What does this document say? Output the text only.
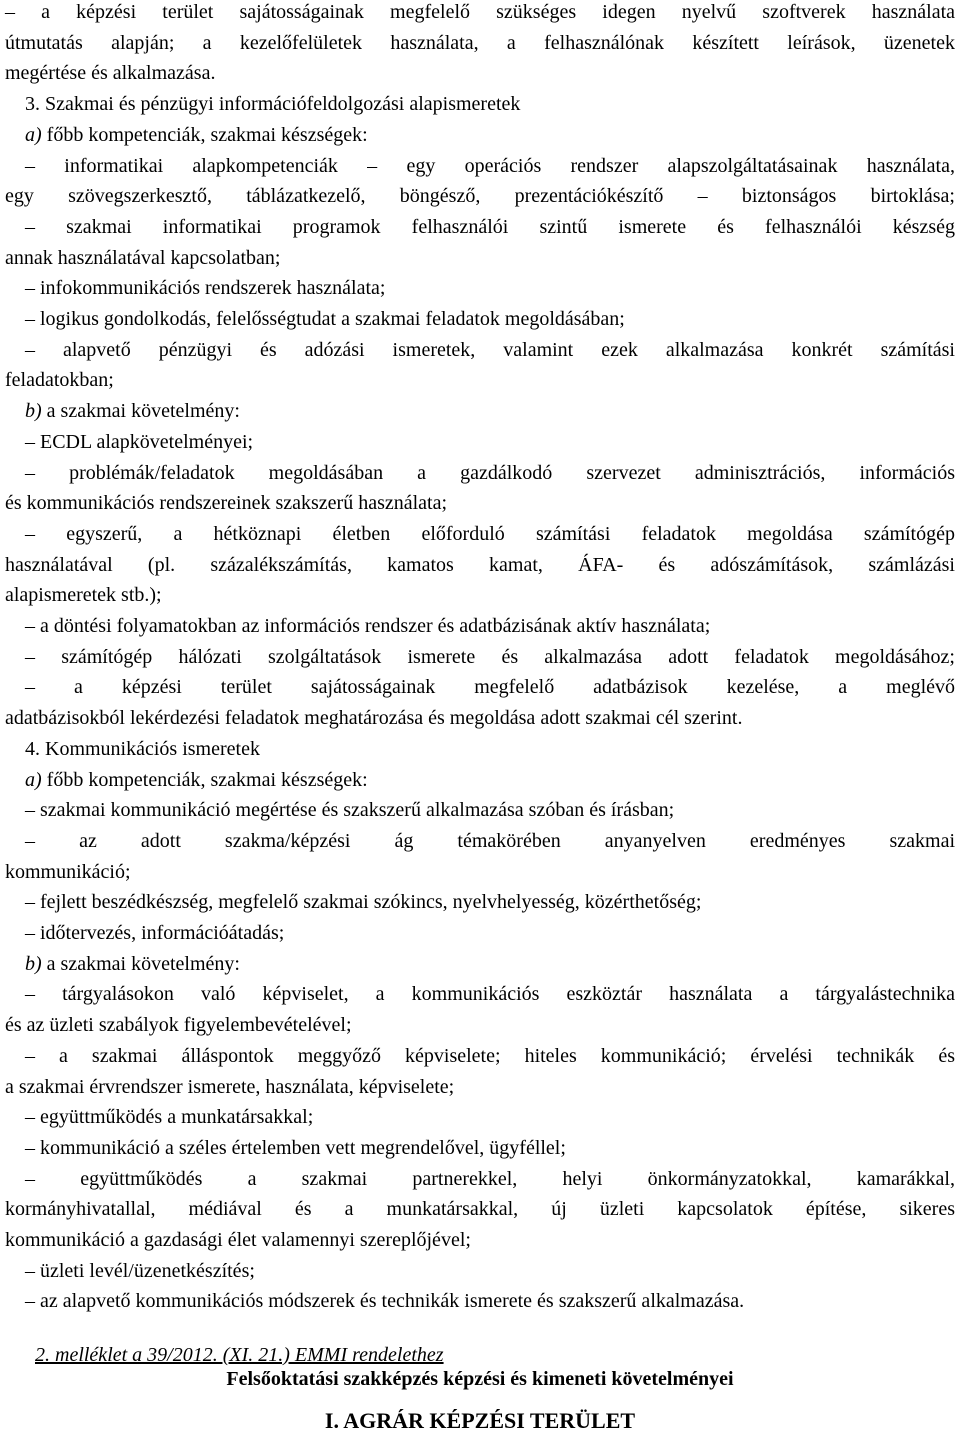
– a képzési terület sajátosságainak megfelelő szükséges idegen nyelvű szoftverek használata
útmutatás alapján; a kezelőfelületek használata, a felhasználónak készített leírások, üzenetek
megértése és alkalmazása.
3. Szakmai és pénzügyi információfeldolgozási alapismeretek
a) főbb kompetenciák, szakmai készségek:
– informatikai alapkompetenciák – egy operációs rendszer alapszolgáltatásainak használata,
egy szövegszerkesztő, táblázatkezelő, böngésző, prezentációkészítő – biztonságos birtoklása;
– szakmai informatikai programok felhasználói szintű ismerete és felhasználói készség
annak használatával kapcsolatban;
– infokommunikációs rendszerek használata;
– logikus gondolkodás, felelősségtudat a szakmai feladatok megoldásában;
– alapvető pénzügyi és adózási ismeretek, valamint ezek alkalmazása konkrét számítási
feladatokban;
b) a szakmai követelmény:
– ECDL alapkövetelményei;
– problémák/feladatok megoldásában a gazdálkodó szervezet adminisztrációs, információs
és kommunikációs rendszereinek szakszerű használata;
– egyszerű, a hétköznapi életben előforduló számítási feladatok megoldása számítógép
használatával (pl. százalékszámítás, kamatos kamat, ÁFA- és adószámítások, számlázási
alapismeretek stb.);
– a döntési folyamatokban az információs rendszer és adatbázisának aktív használata;
– számítógép hálózati szolgáltatások ismerete és alkalmazása adott feladatok megoldásához;
– a képzési terület sajátosságainak megfelelő adatbázisok kezelése, a meglévő
adatbázisokból lekérdezési feladatok meghatározása és megoldása adott szakmai cél szerint.
4. Kommunikációs ismeretek
a) főbb kompetenciák, szakmai készségek:
– szakmai kommunikáció megértése és szakszerű alkalmazása szóban és írásban;
– az adott szakma/képzési ág témakörében anyanyelven eredményes szakmai
kommunikáció;
– fejlett beszédkészség, megfelelő szakmai szókincs, nyelvhelyesség, közérthetőség;
– időtervezés, információátadás;
b) a szakmai követelmény:
– tárgyalásokon való képviselet, a kommunikációs eszköztár használata a tárgyalástechnika
és az üzleti szabályok figyelembevételével;
– a szakmai álláspontok meggyőző képviselete; hiteles kommunikáció; érvelési technikák és
a szakmai érvrendszer ismerete, használata, képviselete;
– együttműködés a munkatársakkal;
– kommunikáció a széles értelemben vett megrendelővel, ügyféllel;
– együttműködés a szakmai partnerekkel, helyi önkormányzatokkal, kamarákkal,
kormányhivatallal, médiával és a munkatársakkal, új üzleti kapcsolatok építése, sikeres
kommunikáció a gazdasági élet valamennyi szereplőjével;
– üzleti levél/üzenetkészítés;
– az alapvető kommunikációs módszerek és technikák ismerete és szakszerű alkalmazása.

2. melléklet a 39/2012. (XI. 21.) EMMI rendelethez

Felsőoktatási szakképzés képzési és kimeneti követelményei
I. AGRÁR KÉPZÉSI TERÜLET
